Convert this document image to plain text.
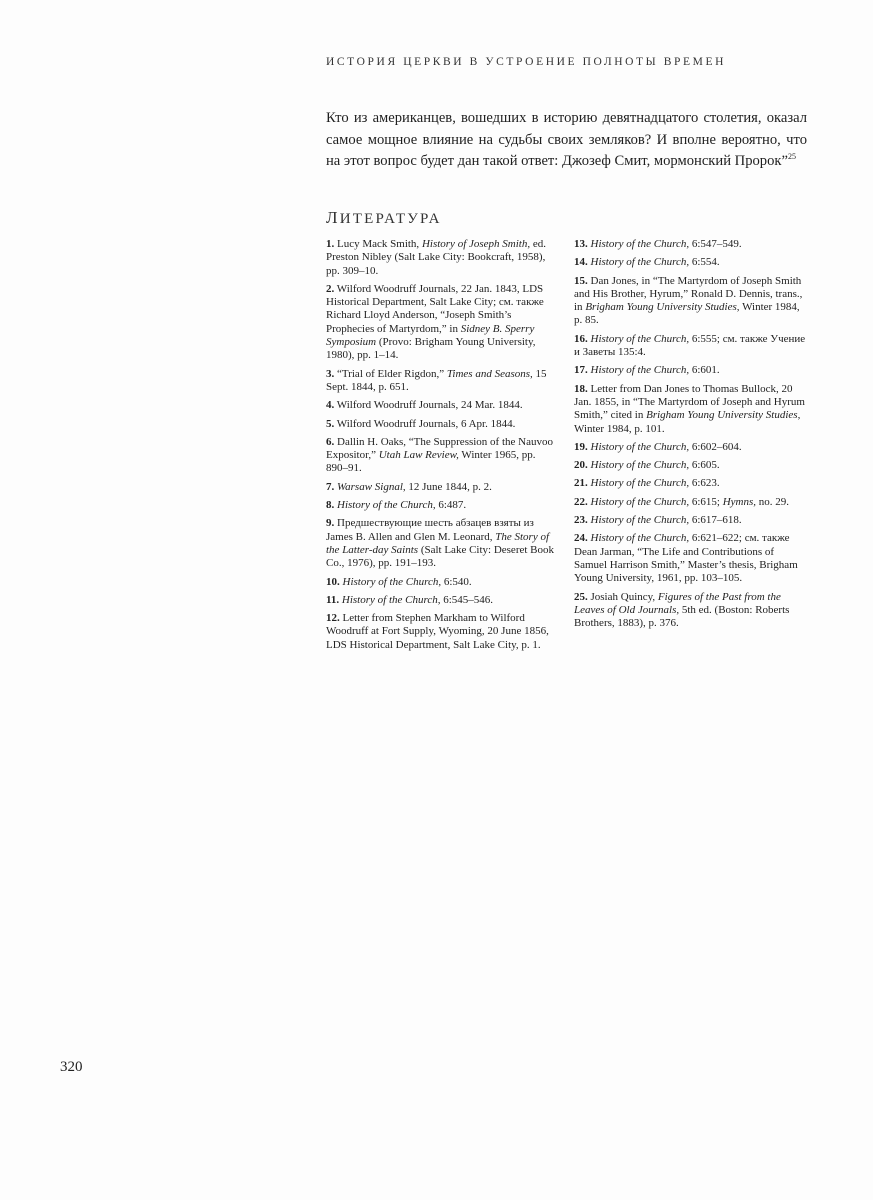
ИСТОРИЯ ЦЕРКВИ В УСТРОЕНИЕ ПОЛНОТЫ ВРЕМЕН

Кто из американцев, вошедших в историю девятнадцатого столетия, оказал самое мощное влияние на судьбы своих земляков? И вполне вероятно, что на этот вопрос будет дан такой ответ: Джозеф Смит, мормонский Пророк”$^{25}$

ЛИТЕРАТУРА

1. Lucy Mack Smith, History of Joseph Smith, ed. Preston Nibley (Salt Lake City: Bookcraft, 1958), pp. 309–10.

2. Wilford Woodruff Journals, 22 Jan. 1843, LDS Historical Department, Salt Lake City; см. также Richard Lloyd Anderson, “Joseph Smith’s Prophecies of Martyrdom,” in Sidney B. Sperry Symposium (Provo: Brigham Young University, 1980), pp. 1–14.

3. “Trial of Elder Rigdon,” Times and Seasons, 15 Sept. 1844, p. 651.

4. Wilford Woodruff Journals, 24 Mar. 1844.

5. Wilford Woodruff Journals, 6 Apr. 1844.

6. Dallin H. Oaks, “The Suppression of the Nauvoo Expositor,” Utah Law Review, Winter 1965, pp. 890–91.

7. Warsaw Signal, 12 June 1844, p. 2.

8. History of the Church, 6:487.

9. Предшествующие шесть абзацев взяты из James B. Allen and Glen M. Leonard, The Story of the Latter-day Saints (Salt Lake City: Deseret Book Co., 1976), pp. 191–193.

10. History of the Church, 6:540.

11. History of the Church, 6:545–546.

12. Letter from Stephen Markham to Wilford Woodruff at Fort Supply, Wyoming, 20 June 1856, LDS Historical Department, Salt Lake City, p. 1.

13. History of the Church, 6:547–549.

14. History of the Church, 6:554.

15. Dan Jones, in “The Martyrdom of Joseph Smith and His Brother, Hyrum,” Ronald D. Dennis, trans., in Brigham Young University Studies, Winter 1984, p. 85.

16. History of the Church, 6:555; см. также Учение и Заветы 135:4.

17. History of the Church, 6:601.

18. Letter from Dan Jones to Thomas Bullock, 20 Jan. 1855, in “The Martyrdom of Joseph and Hyrum Smith,” cited in Brigham Young University Studies, Winter 1984, p. 101.

19. History of the Church, 6:602–604.

20. History of the Church, 6:605.

21. History of the Church, 6:623.

22. History of the Church, 6:615; Hymns, no. 29.

23. History of the Church, 6:617–618.

24. History of the Church, 6:621–622; см. также Dean Jarman, “The Life and Contributions of Samuel Harrison Smith,” Master’s thesis, Brigham Young University, 1961, pp. 103–105.

25. Josiah Quincy, Figures of the Past from the Leaves of Old Journals, 5th ed. (Boston: Roberts Brothers, 1883), p. 376.

320
